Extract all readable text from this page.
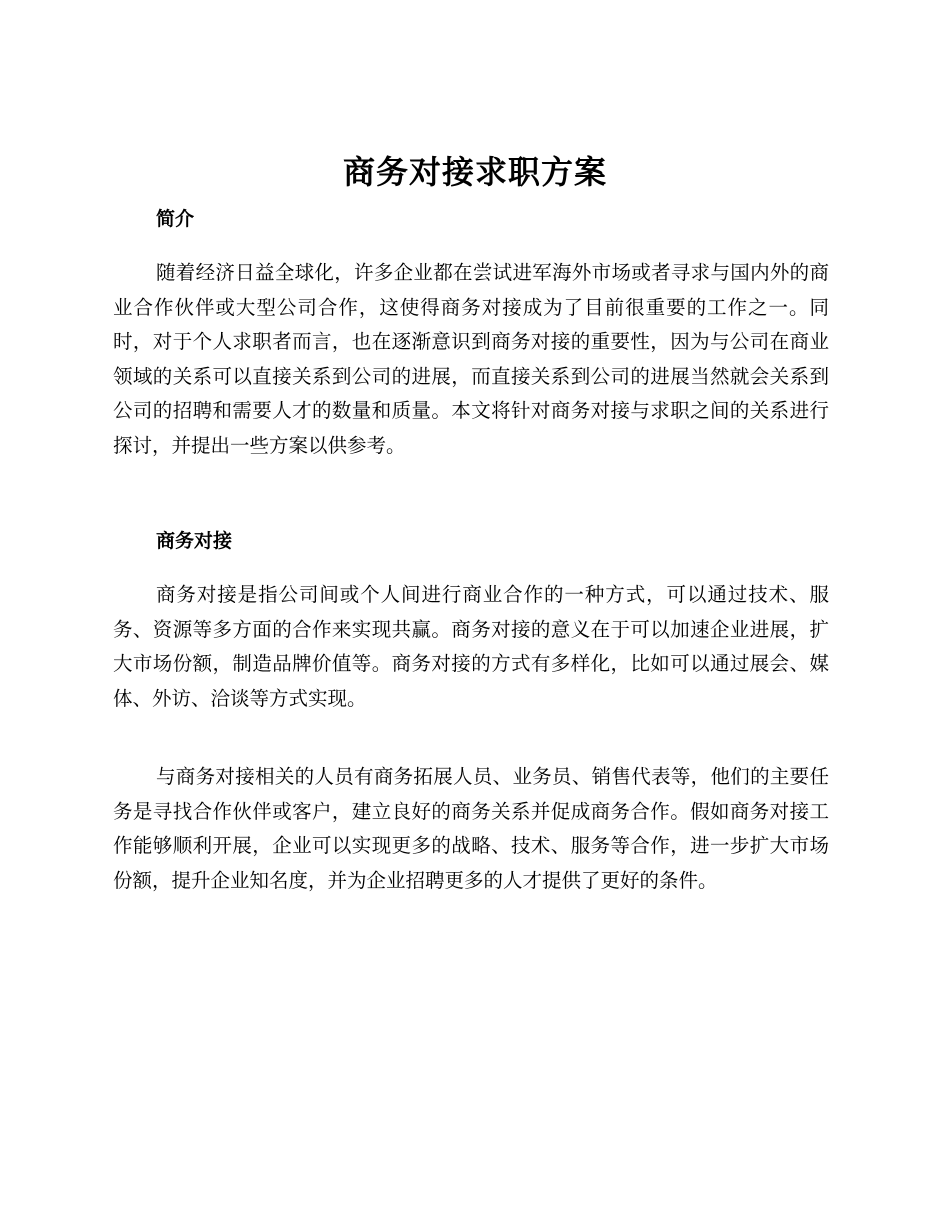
商务对接求职方案
简介

随着经济日益全球化，许多企业都在尝试进军海外市场或者寻求与国内外的商业合作伙伴或大型公司合作，这使得商务对接成为了目前很重要的工作之一。同时，对于个人求职者而言，也在逐渐意识到商务对接的重要性，因为与公司在商业领域的关系可以直接关系到公司的进展，而直接关系到公司的进展当然就会关系到公司的招聘和需要人才的数量和质量。本文将针对商务对接与求职之间的关系进行探讨，并提出一些方案以供参考。

商务对接

商务对接是指公司间或个人间进行商业合作的一种方式，可以通过技术、服务、资源等多方面的合作来实现共赢。商务对接的意义在于可以加速企业进展，扩大市场份额，制造品牌价值等。商务对接的方式有多样化，比如可以通过展会、媒体、外访、洽谈等方式实现。

与商务对接相关的人员有商务拓展人员、业务员、销售代表等，他们的主要任务是寻找合作伙伴或客户，建立良好的商务关系并促成商务合作。假如商务对接工作能够顺利开展，企业可以实现更多的战略、技术、服务等合作，进一步扩大市场份额，提升企业知名度，并为企业招聘更多的人才提供了更好的条件。
